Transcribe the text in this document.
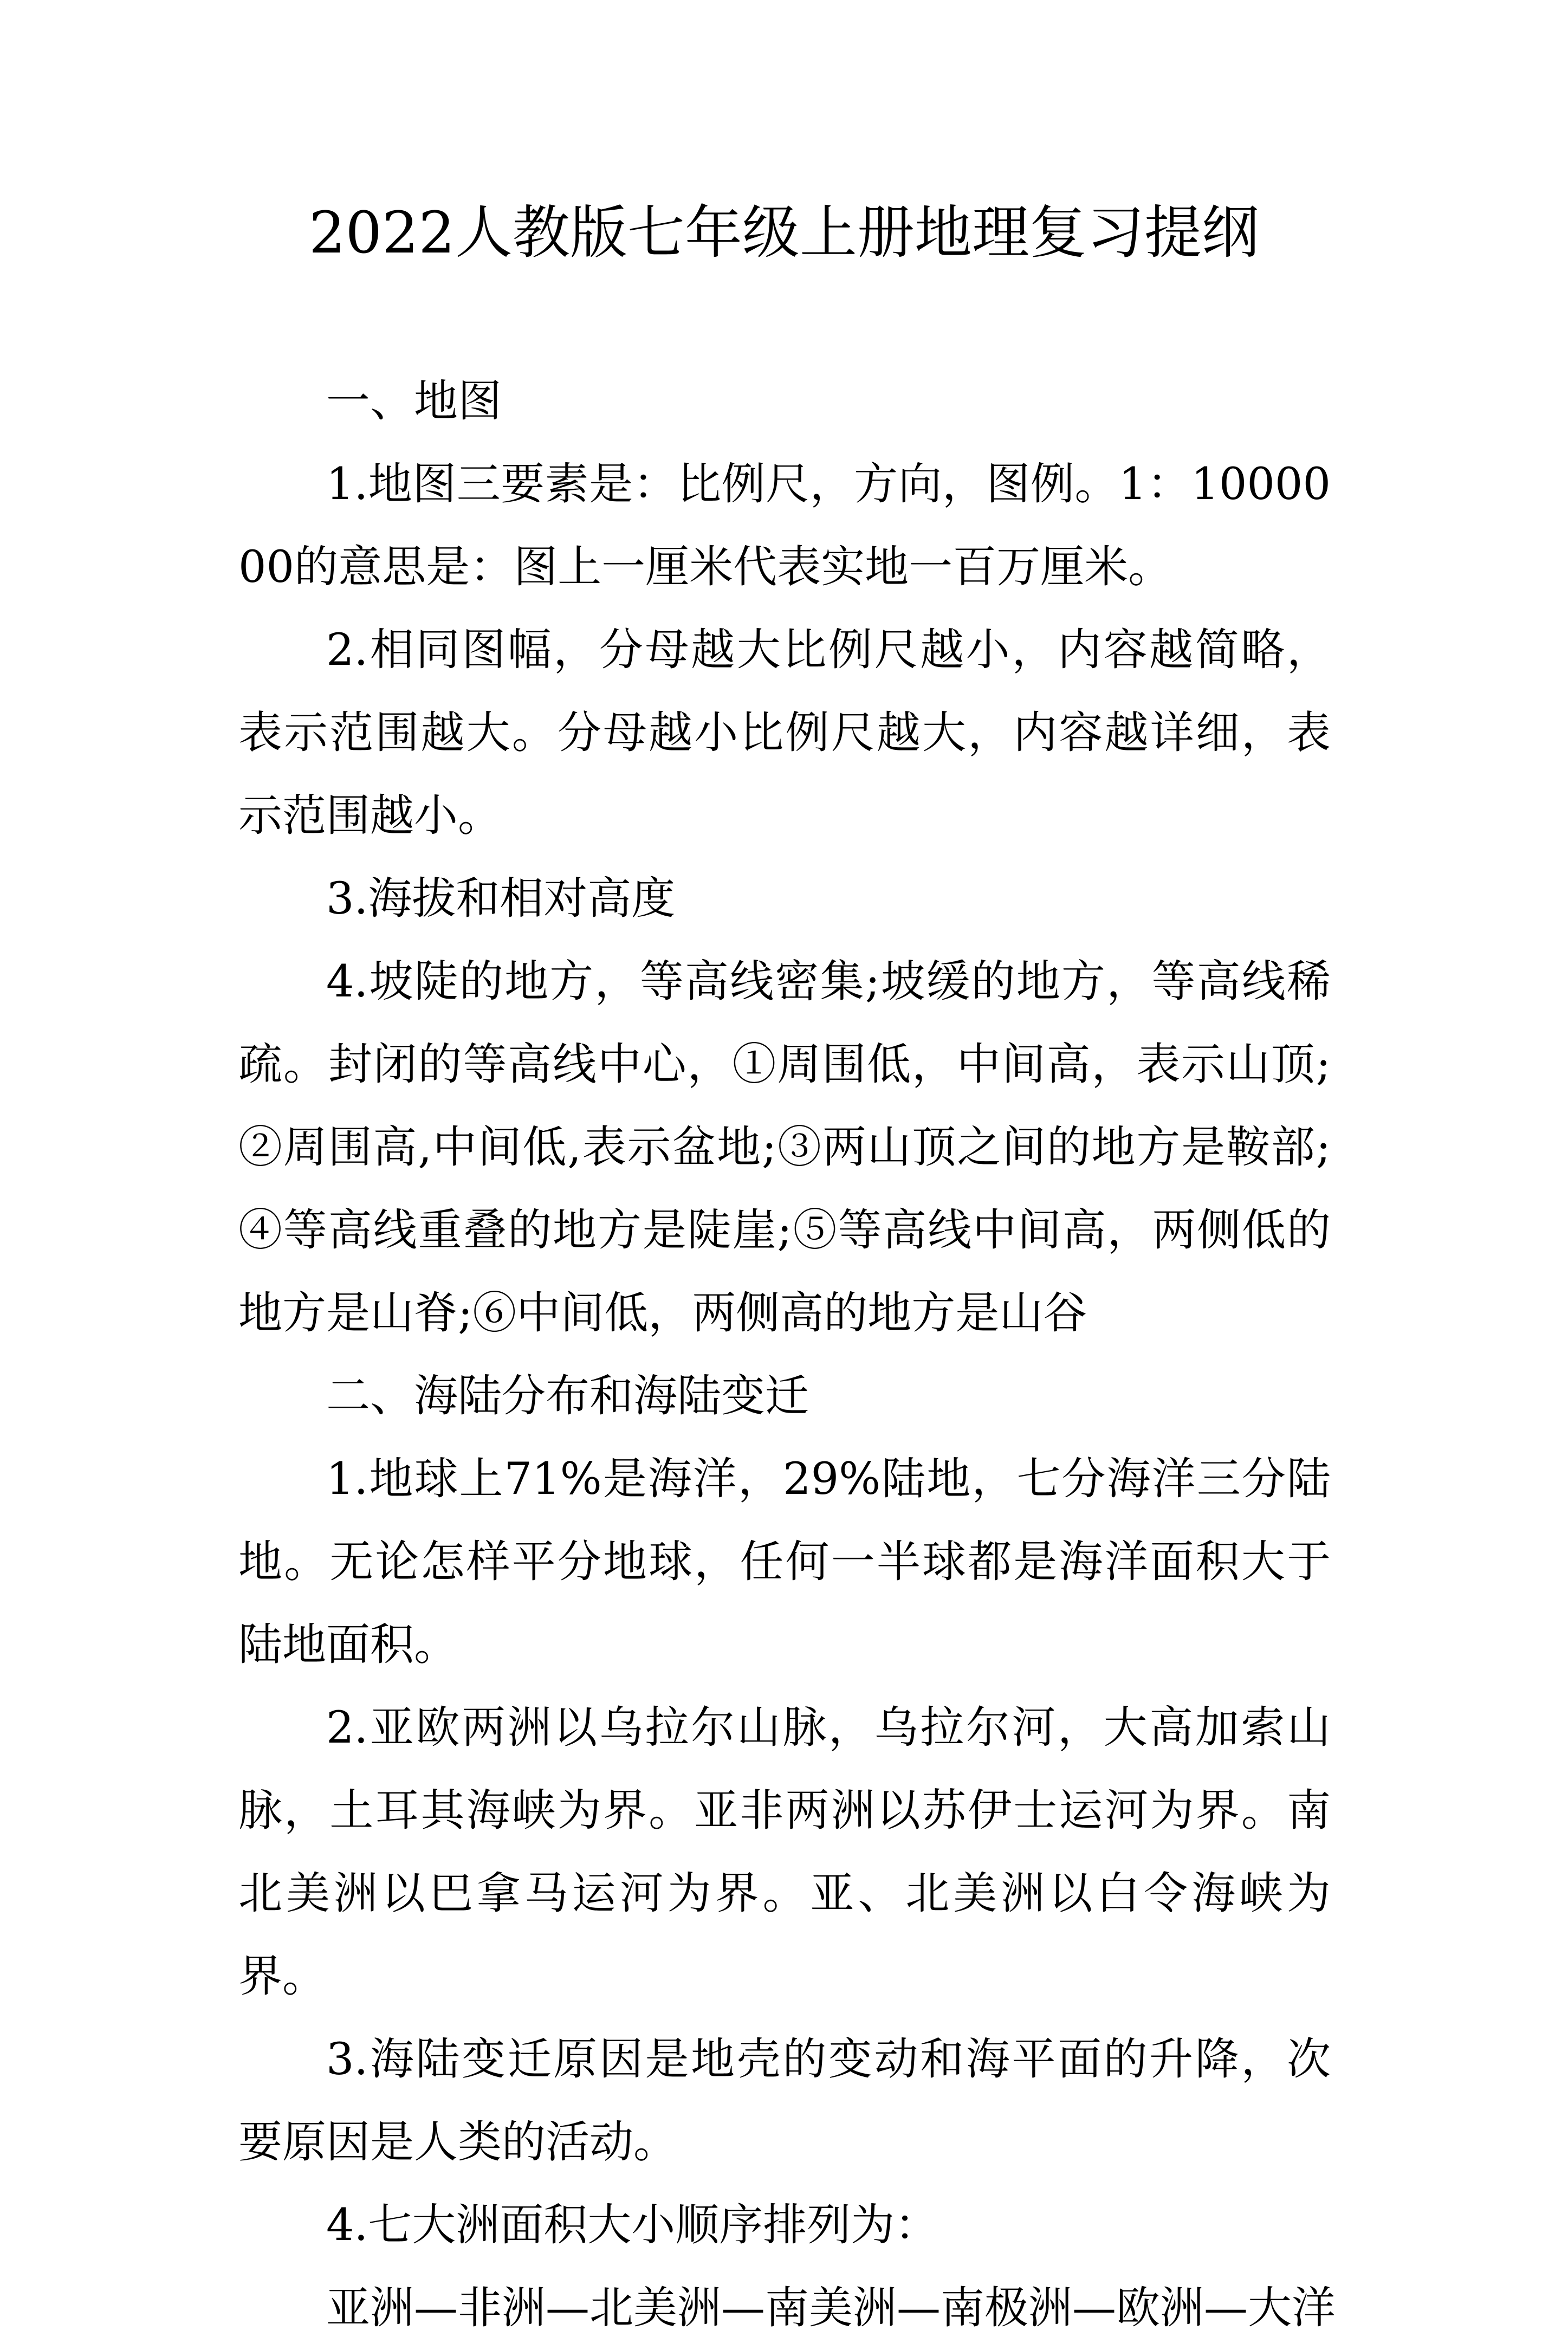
2022人教版七年级上册地理复习提纲

一、地图

1.地图三要素是：比例尺，方向，图例。1：1000000的意思是：图上一厘米代表实地一百万厘米。

2.相同图幅，分母越大比例尺越小，内容越简略，表示范围越大。分母越小比例尺越大，内容越详细，表示范围越小。

3.海拔和相对高度

4.坡陡的地方，等高线密集;坡缓的地方，等高线稀疏。封闭的等高线中心，①周围低，中间高，表示山顶;②周围高,中间低,表示盆地;③两山顶之间的地方是鞍部;④等高线重叠的地方是陡崖;⑤等高线中间高，两侧低的地方是山脊;⑥中间低，两侧高的地方是山谷

二、海陆分布和海陆变迁

1.地球上71%是海洋，29%陆地，七分海洋三分陆地。无论怎样平分地球，任何一半球都是海洋面积大于陆地面积。

2.亚欧两洲以乌拉尔山脉，乌拉尔河，大高加索山脉，土耳其海峡为界。亚非两洲以苏伊士运河为界。南北美洲以巴拿马运河为界。亚、北美洲以白令海峡为界。

3.海陆变迁原因是地壳的变动和海平面的升降，次要原因是人类的活动。

4.七大洲面积大小顺序排列为：

亚洲—非洲—北美洲—南美洲—南极洲—欧洲—大洋
